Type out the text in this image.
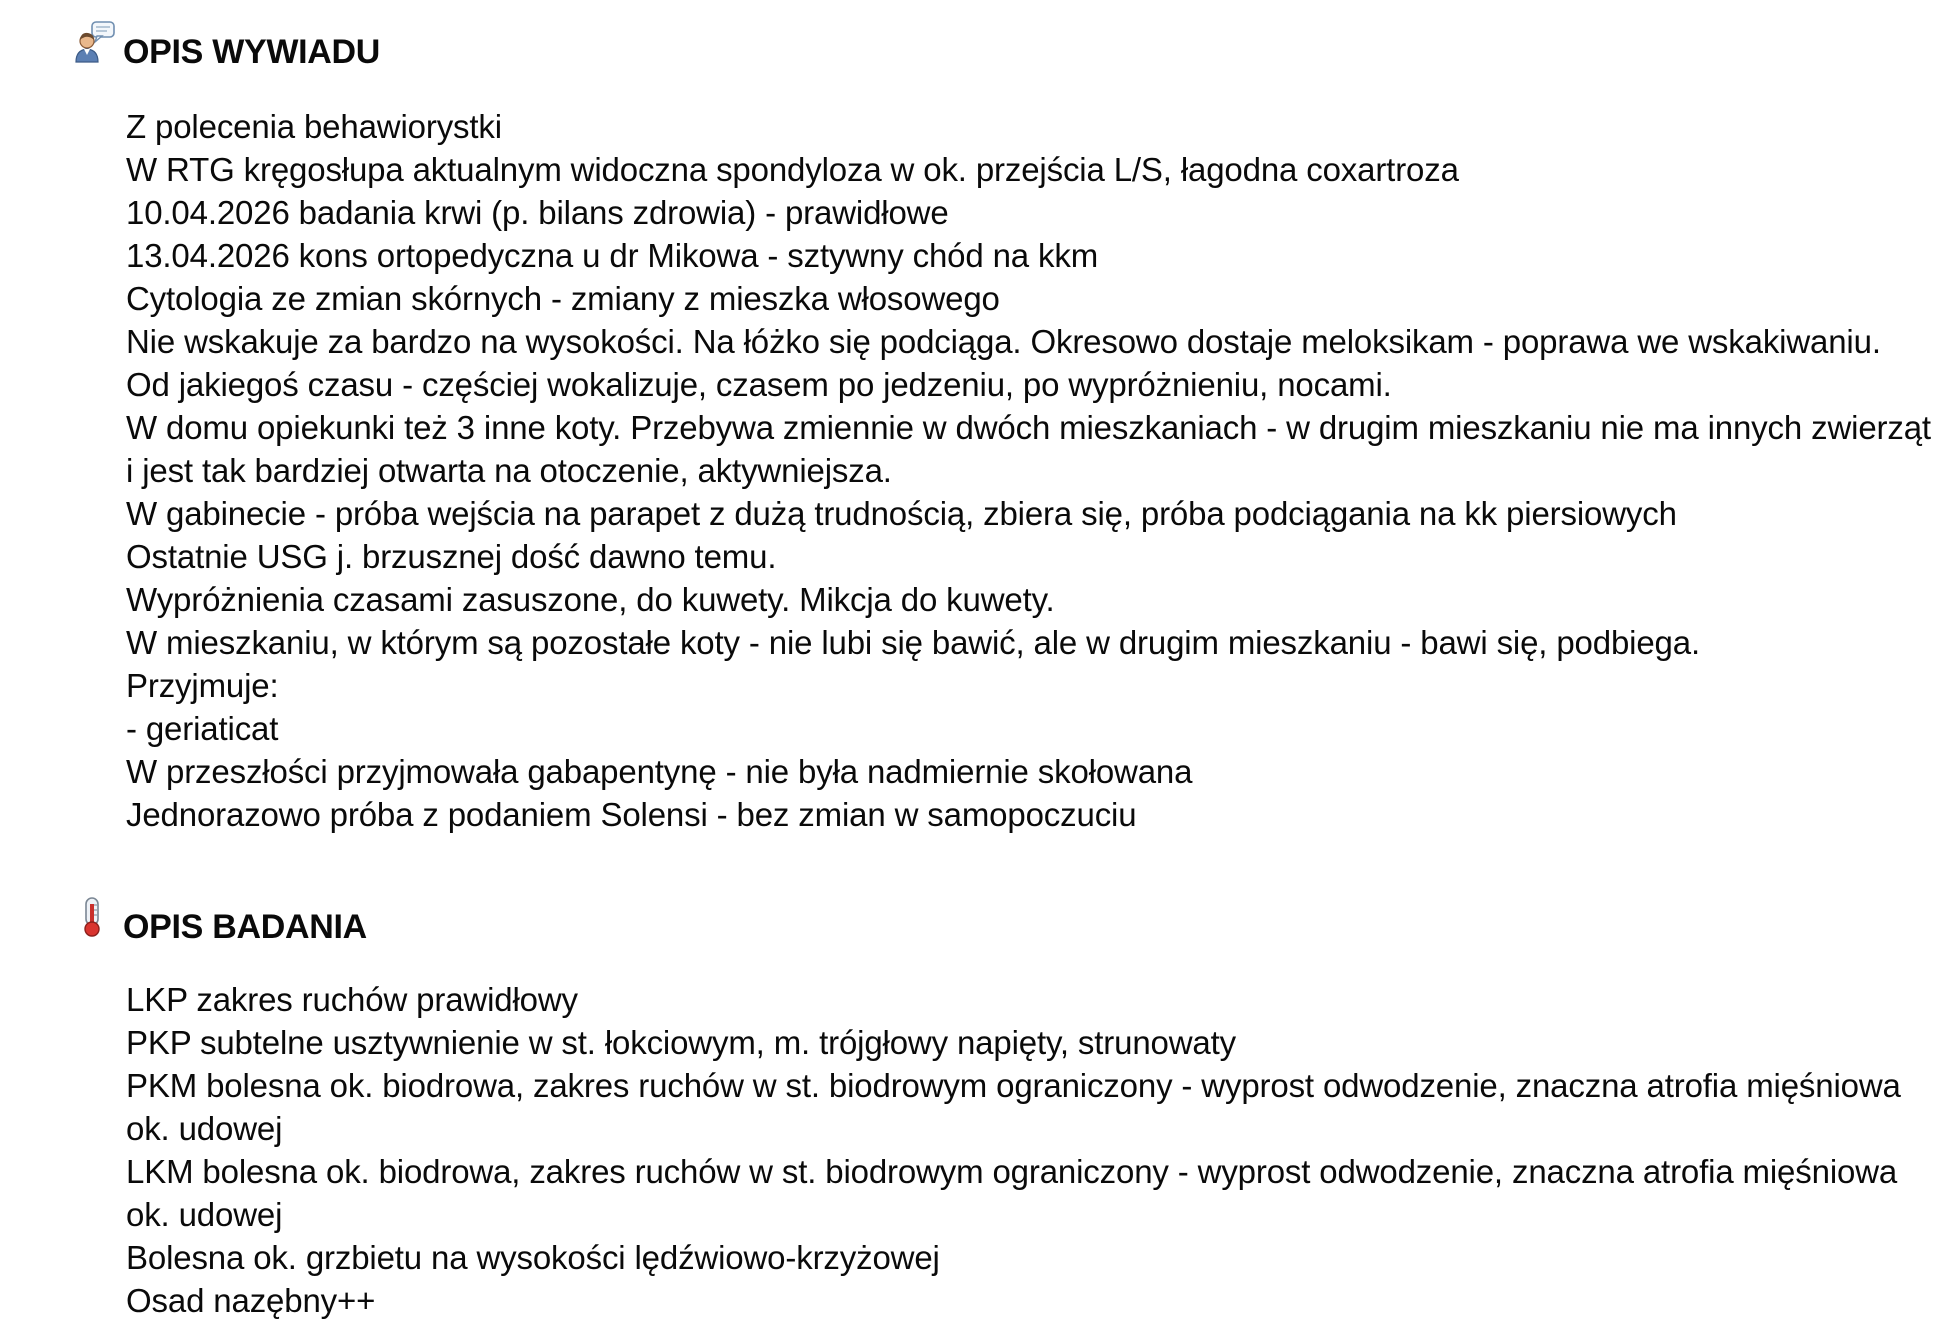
OPIS WYWIADU
Z polecenia behawiorystki
W RTG kręgosłupa aktualnym widoczna spondyloza w ok. przejścia L/S, łagodna coxartroza
10.04.2026 badania krwi (p. bilans zdrowia) - prawidłowe
13.04.2026 kons ortopedyczna u dr Mikowa - sztywny chód na kkm
Cytologia ze zmian skórnych - zmiany z mieszka włosowego
Nie wskakuje za bardzo na wysokości. Na łóżko się podciąga. Okresowo dostaje meloksikam - poprawa we wskakiwaniu.
Od jakiegoś czasu - częściej wokalizuje, czasem po jedzeniu, po wypróżnieniu, nocami.
W domu opiekunki też 3 inne koty. Przebywa zmiennie w dwóch mieszkaniach - w drugim mieszkaniu nie ma innych zwierząt i jest tak bardziej otwarta na otoczenie, aktywniejsza.
W gabinecie - próba wejścia na parapet z dużą trudnością, zbiera się, próba podciągania na kk piersiowych
Ostatnie USG j. brzusznej dość dawno temu.
Wypróżnienia czasami zasuszone, do kuwety. Mikcja do kuwety.
W mieszkaniu, w którym są pozostałe koty - nie lubi się bawić, ale w drugim mieszkaniu - bawi się, podbiega.
Przyjmuje:
- geriaticat
W przeszłości przyjmowała gabapentynę - nie była nadmiernie skołowana
Jednorazowo próba z podaniem Solensi - bez zmian w samopoczuciu
OPIS BADANIA
LKP zakres ruchów prawidłowy
PKP subtelne usztywnienie w st. łokciowym, m. trójgłowy napięty, strunowaty
PKM bolesna ok. biodrowa, zakres ruchów w st. biodrowym ograniczony - wyprost odwodzenie, znaczna atrofia mięśniowa ok. udowej
LKM bolesna ok. biodrowa, zakres ruchów w st. biodrowym ograniczony - wyprost odwodzenie, znaczna atrofia mięśniowa ok. udowej
Bolesna ok. grzbietu na wysokości lędźwiowo-krzyżowej
Osad nazębny++
